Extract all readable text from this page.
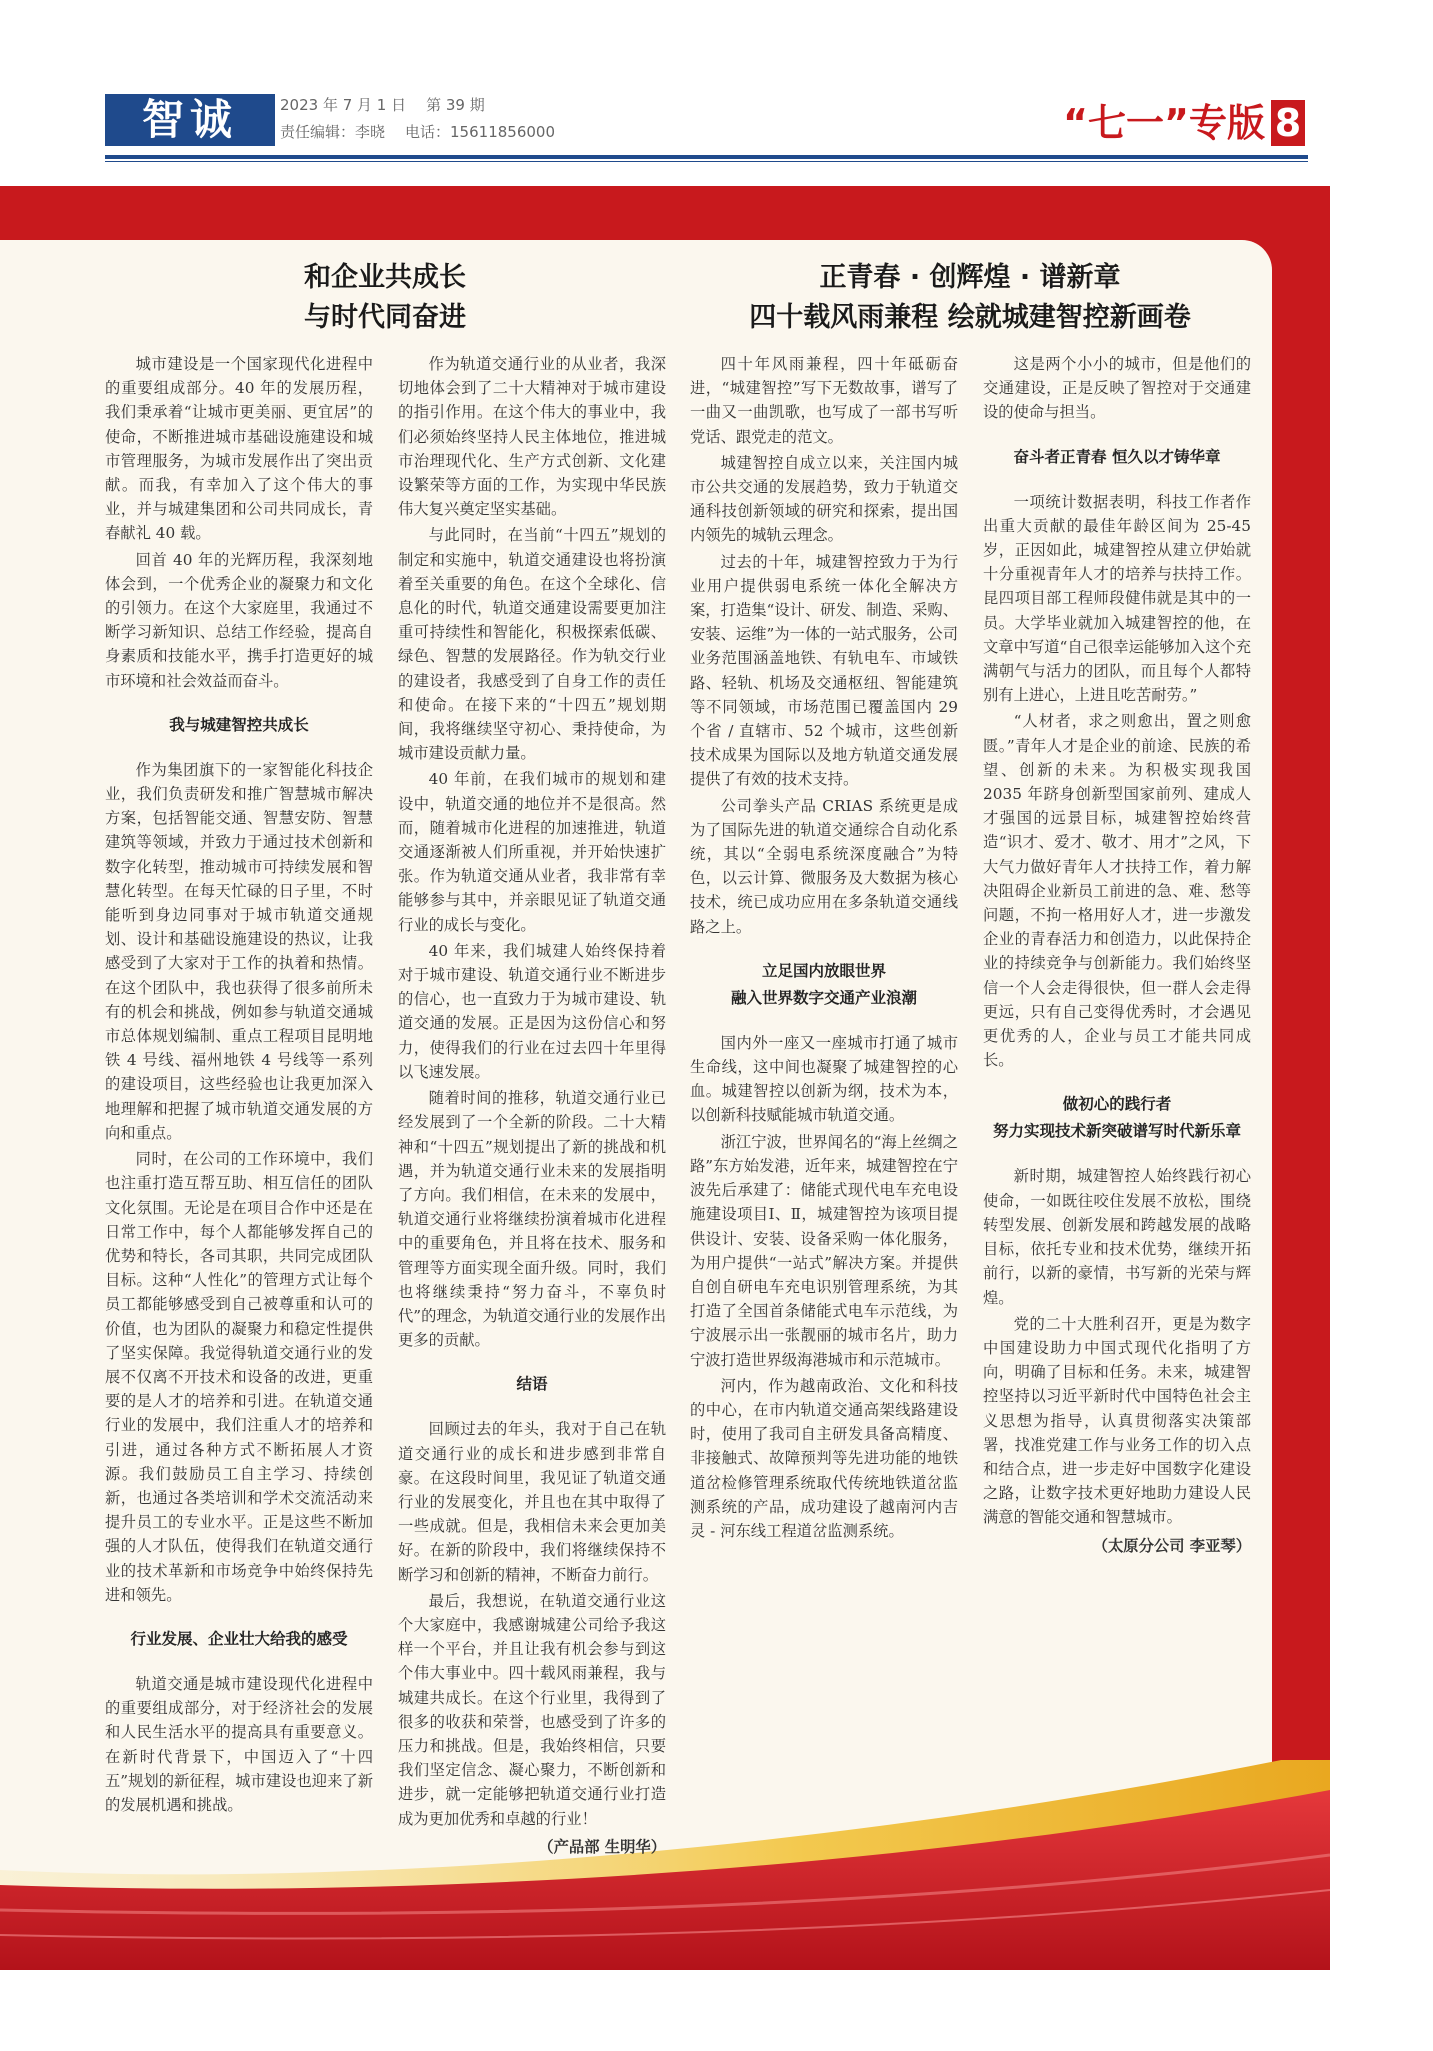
智诚	2023 年 7 月 1 日 第 39 期
责任编辑：李晓 电话：15611856000	“七一”专版 8
和企业共成长
与时代同奋进

城市建设是一个国家现代化进程中的重要组成部分。40 年的发展历程，我们秉承着“让城市更美丽、更宜居”的使命，不断推进城市基础设施建设和城市管理服务，为城市发展作出了突出贡献。而我，有幸加入了这个伟大的事业，并与城建集团和公司共同成长，青春献礼 40 载。

回首 40 年的光辉历程，我深刻地体会到，一个优秀企业的凝聚力和文化的引领力。在这个大家庭里，我通过不断学习新知识、总结工作经验，提高自身素质和技能水平，携手打造更好的城市环境和社会效益而奋斗。

我与城建智控共成长

作为集团旗下的一家智能化科技企业，我们负责研发和推广智慧城市解决方案，包括智能交通、智慧安防、智慧建筑等领域，并致力于通过技术创新和数字化转型，推动城市可持续发展和智慧化转型。在每天忙碌的日子里，不时能听到身边同事对于城市轨道交通规划、设计和基础设施建设的热议，让我感受到了大家对于工作的执着和热情。在这个团队中，我也获得了很多前所未有的机会和挑战，例如参与轨道交通城市总体规划编制、重点工程项目昆明地铁 4 号线、福州地铁 4 号线等一系列的建设项目，这些经验也让我更加深入地理解和把握了城市轨道交通发展的方向和重点。

同时，在公司的工作环境中，我们也注重打造互帮互助、相互信任的团队文化氛围。无论是在项目合作中还是在日常工作中，每个人都能够发挥自己的优势和特长，各司其职，共同完成团队目标。这种“人性化”的管理方式让每个员工都能够感受到自己被尊重和认可的价值，也为团队的凝聚力和稳定性提供了坚实保障。我觉得轨道交通行业的发展不仅离不开技术和设备的改进，更重要的是人才的培养和引进。在轨道交通行业的发展中，我们注重人才的培养和引进，通过各种方式不断拓展人才资源。我们鼓励员工自主学习、持续创新，也通过各类培训和学术交流活动来提升员工的专业水平。正是这些不断加强的人才队伍，使得我们在轨道交通行业的技术革新和市场竞争中始终保持先进和领先。

行业发展、企业壮大给我的感受

轨道交通是城市建设现代化进程中的重要组成部分，对于经济社会的发展和人民生活水平的提高具有重要意义。在新时代背景下，中国迈入了“十四五”规划的新征程，城市建设也迎来了新的发展机遇和挑战。

作为轨道交通行业的从业者，我深切地体会到了二十大精神对于城市建设的指引作用。在这个伟大的事业中，我们必须始终坚持人民主体地位，推进城市治理现代化、生产方式创新、文化建设繁荣等方面的工作，为实现中华民族伟大复兴奠定坚实基础。

与此同时，在当前“十四五”规划的制定和实施中，轨道交通建设也将扮演着至关重要的角色。在这个全球化、信息化的时代，轨道交通建设需要更加注重可持续性和智能化，积极探索低碳、绿色、智慧的发展路径。作为轨交行业的建设者，我感受到了自身工作的责任和使命。在接下来的“十四五”规划期间，我将继续坚守初心、秉持使命，为城市建设贡献力量。

40 年前，在我们城市的规划和建设中，轨道交通的地位并不是很高。然而，随着城市化进程的加速推进，轨道交通逐渐被人们所重视，并开始快速扩张。作为轨道交通从业者，我非常有幸能够参与其中，并亲眼见证了轨道交通行业的成长与变化。

40 年来，我们城建人始终保持着对于城市建设、轨道交通行业不断进步的信心，也一直致力于为城市建设、轨道交通的发展。正是因为这份信心和努力，使得我们的行业在过去四十年里得以飞速发展。

随着时间的推移，轨道交通行业已经发展到了一个全新的阶段。二十大精神和“十四五”规划提出了新的挑战和机遇，并为轨道交通行业未来的发展指明了方向。我们相信，在未来的发展中，轨道交通行业将继续扮演着城市化进程中的重要角色，并且将在技术、服务和管理等方面实现全面升级。同时，我们也将继续秉持“努力奋斗，不辜负时代”的理念，为轨道交通行业的发展作出更多的贡献。

结语

回顾过去的年头，我对于自己在轨道交通行业的成长和进步感到非常自豪。在这段时间里，我见证了轨道交通行业的发展变化，并且也在其中取得了一些成就。但是，我相信未来会更加美好。在新的阶段中，我们将继续保持不断学习和创新的精神，不断奋力前行。

最后，我想说，在轨道交通行业这个大家庭中，我感谢城建公司给予我这样一个平台，并且让我有机会参与到这个伟大事业中。四十载风雨兼程，我与城建共成长。在这个行业里，我得到了很多的收获和荣誉，也感受到了许多的压力和挑战。但是，我始终相信，只要我们坚定信念、凝心聚力，不断创新和进步，就一定能够把轨道交通行业打造成为更加优秀和卓越的行业！

（产品部 生明华）

正青春 · 创辉煌 · 谱新章
四十载风雨兼程 绘就城建智控新画卷

四十年风雨兼程，四十年砥砺奋进，“城建智控”写下无数故事，谱写了一曲又一曲凯歌，也写成了一部书写听党话、跟党走的范文。

城建智控自成立以来，关注国内城市公共交通的发展趋势，致力于轨道交通科技创新领域的研究和探索，提出国内领先的城轨云理念。

过去的十年，城建智控致力于为行业用户提供弱电系统一体化全解决方案，打造集“设计、研发、制造、采购、安装、运维”为一体的一站式服务，公司业务范围涵盖地铁、有轨电车、市域铁路、轻轨、机场及交通枢纽、智能建筑等不同领域，市场范围已覆盖国内 29 个省 / 直辖市、52 个城市，这些创新技术成果为国际以及地方轨道交通发展提供了有效的技术支持。

公司拳头产品 CRIAS 系统更是成为了国际先进的轨道交通综合自动化系统，其以“全弱电系统深度融合”为特色，以云计算、微服务及大数据为核心技术，统已成功应用在多条轨道交通线路之上。

立足国内放眼世界
融入世界数字交通产业浪潮

国内外一座又一座城市打通了城市生命线，这中间也凝聚了城建智控的心血。城建智控以创新为纲，技术为本，以创新科技赋能城市轨道交通。

浙江宁波，世界闻名的“海上丝绸之路”东方始发港，近年来，城建智控在宁波先后承建了：储能式现代电车充电设施建设项目Ⅰ、Ⅱ，城建智控为该项目提供设计、安装、设备采购一体化服务，为用户提供“一站式”解决方案。并提供自创自研电车充电识别管理系统，为其打造了全国首条储能式电车示范线，为宁波展示出一张靓丽的城市名片，助力宁波打造世界级海港城市和示范城市。

河内，作为越南政治、文化和科技的中心，在市内轨道交通高架线路建设时，使用了我司自主研发具备高精度、非接触式、故障预判等先进功能的地铁道岔检修管理系统取代传统地铁道岔监测系统的产品，成功建设了越南河内吉灵 - 河东线工程道岔监测系统。

这是两个小小的城市，但是他们的交通建设，正是反映了智控对于交通建设的使命与担当。

奋斗者正青春 恒久以才铸华章

一项统计数据表明，科技工作者作出重大贡献的最佳年龄区间为 25-45 岁，正因如此，城建智控从建立伊始就十分重视青年人才的培养与扶持工作。昆四项目部工程师段健伟就是其中的一员。大学毕业就加入城建智控的他，在文章中写道“自己很幸运能够加入这个充满朝气与活力的团队，而且每个人都特别有上进心，上进且吃苦耐劳。”

“人材者，求之则愈出，置之则愈匮。”青年人才是企业的前途、民族的希望、创新的未来。为积极实现我国 2035 年跻身创新型国家前列、建成人才强国的远景目标，城建智控始终营造“识才、爱才、敬才、用才”之风，下大气力做好青年人才扶持工作，着力解决阻碍企业新员工前进的急、难、愁等问题，不拘一格用好人才，进一步激发企业的青春活力和创造力，以此保持企业的持续竞争与创新能力。我们始终坚信一个人会走得很快，但一群人会走得更远，只有自己变得优秀时，才会遇见更优秀的人，企业与员工才能共同成长。

做初心的践行者
努力实现技术新突破谱写时代新乐章

新时期，城建智控人始终践行初心使命，一如既往咬住发展不放松，围绕转型发展、创新发展和跨越发展的战略目标，依托专业和技术优势，继续开拓前行，以新的豪情，书写新的光荣与辉煌。

党的二十大胜利召开，更是为数字中国建设助力中国式现代化指明了方向，明确了目标和任务。未来，城建智控坚持以习近平新时代中国特色社会主义思想为指导，认真贯彻落实决策部署，找准党建工作与业务工作的切入点和结合点，进一步走好中国数字化建设之路，让数字技术更好地助力建设人民满意的智能交通和智慧城市。

（太原分公司 李亚琴）
